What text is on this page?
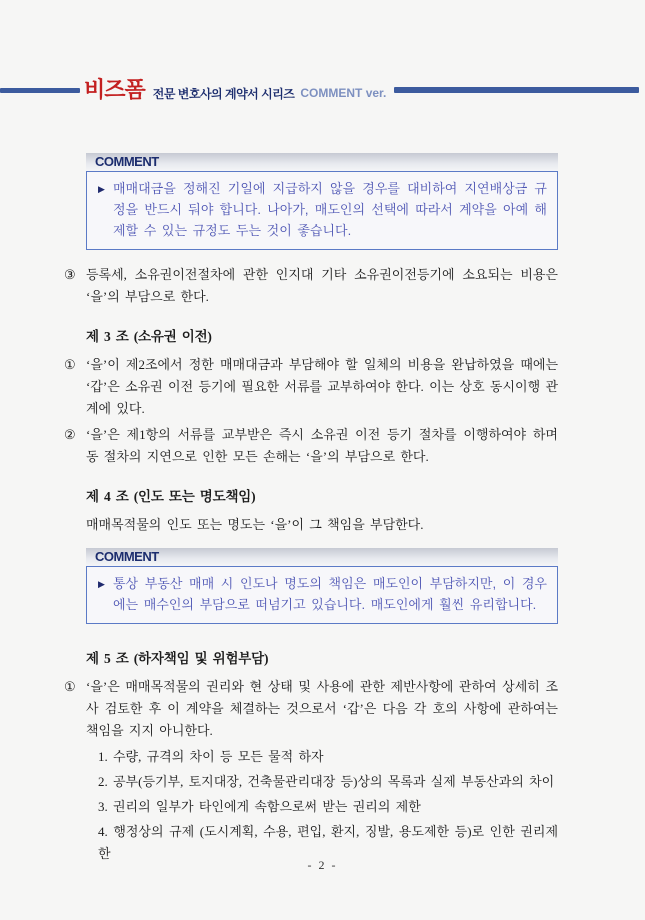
비즈폼 전문 변호사의 계약서 시리즈 COMMENT ver.
COMMENT
▶ 매매대금을 정해진 기일에 지급하지 않을 경우를 대비하여 지연배상금 규정을 반드시 둬야 합니다. 나아가, 매도인의 선택에 따라서 계약을 아예 해제할 수 있는 규정도 두는 것이 좋습니다.
③ 등록세, 소유권이전절차에 관한 인지대 기타 소유권이전등기에 소요되는 비용은 ‘을’의 부담으로 한다.
제 3 조 (소유권 이전)
① ‘을’이 제2조에서 정한 매매대금과 부담해야 할 일체의 비용을 완납하였을 때에는 ‘갑’은 소유권 이전 등기에 필요한 서류를 교부하여야 한다. 이는 상호 동시이행 관계에 있다.
② ‘을’은 제1항의 서류를 교부받은 즉시 소유권 이전 등기 절차를 이행하여야 하며 동 절차의 지연으로 인한 모든 손해는 ‘을’의 부담으로 한다.
제 4 조 (인도 또는 명도책임)
매매목적물의 인도 또는 명도는 ‘을’이 그 책임을 부담한다.
COMMENT
▶ 통상 부동산 매매 시 인도나 명도의 책임은 매도인이 부담하지만, 이 경우에는 매수인의 부담으로 떠넘기고 있습니다. 매도인에게 훨씬 유리합니다.
제 5 조 (하자책임 및 위험부담)
① ‘을’은 매매목적물의 권리와 현 상태 및 사용에 관한 제반사항에 관하여 상세히 조사 검토한 후 이 계약을 체결하는 것으로서 ‘갑’은 다음 각 호의 사항에 관하여는 책임을 지지 아니한다.
1. 수량, 규격의 차이 등 모든 물적 하자
2. 공부(등기부, 토지대장, 건축물관리대장 등)상의 목록과 실제 부동산과의 차이
3. 권리의 일부가 타인에게 속함으로써 받는 권리의 제한
4. 행정상의 규제 (도시계획, 수용, 편입, 환지, 징발, 용도제한 등)로 인한 권리제한
- 2 -
